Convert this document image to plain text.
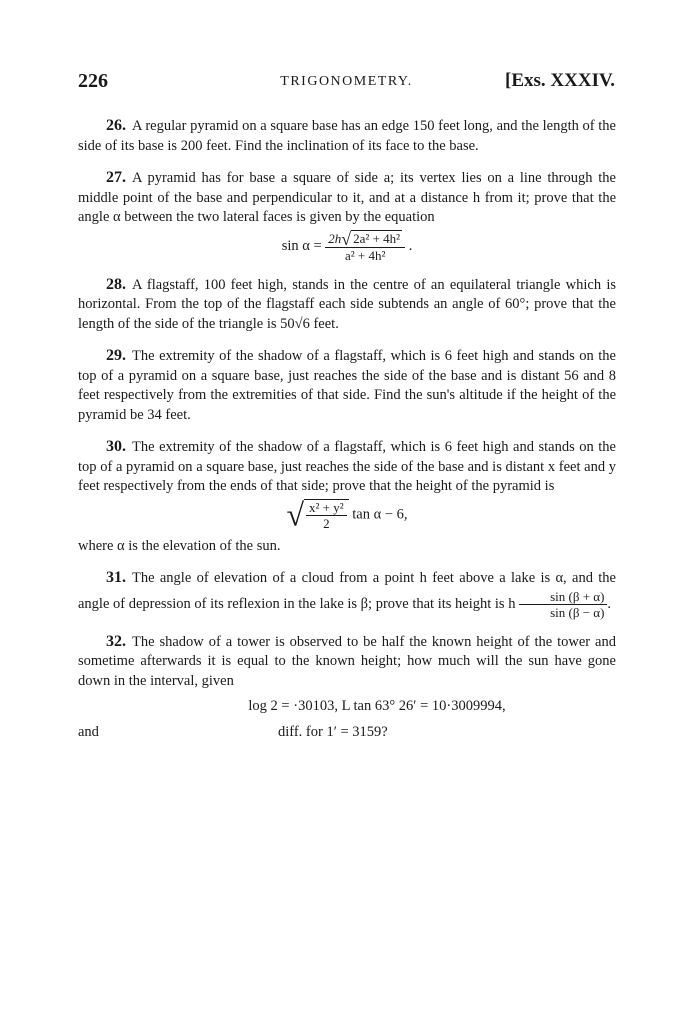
226	TRIGONOMETRY.	[Exs. XXXIV.

26. A regular pyramid on a square base has an edge 150 feet long, and the length of the side of its base is 200 feet. Find the inclination of its face to the base.

27. A pyramid has for base a square of side a; its vertex lies on a line through the middle point of the base and perpendicular to it, and at a distance h from it; prove that the angle α between the two lateral faces is given by the equation

$\sin \alpha = \frac{\text{2h√ 2a² + 4h²}}{\text{a² + 4h²}}$ .

28. A flagstaff, 100 feet high, stands in the centre of an equilateral triangle which is horizontal. From the top of the flagstaff each side subtends an angle of 60°; prove that the length of the side of the triangle is 50√6 feet.

29. The extremity of the shadow of a flagstaff, which is 6 feet high and stands on the top of a pyramid on a square base, just reaches the side of the base and is distant 56 and 8 feet respectively from the extremities of that side. Find the sun's altitude if the height of the pyramid be 34 feet.

30. The extremity of the shadow of a flagstaff, which is 6 feet high and stands on the top of a pyramid on a square base, just reaches the side of the base and is distant x feet and y feet respectively from the ends of that side; prove that the height of the pyramid is

√ $\frac{\text{x² + y²}}{2}$ tan α − 6,

where α is the elevation of the sun.

31. The angle of elevation of a cloud from a point h feet above a lake is α, and the angle of depression of its reflexion in the lake is β; prove that its height is h $\frac{\sin (\beta + \alpha)}{\sin (\beta - \alpha)}$ .

32. The shadow of a tower is observed to be half the known height of the tower and sometime afterwards it is equal to the known height; how much will the sun have gone down in the interval, given

log 2 = ·30103, L tan 63° 26′ = 10·3009994,
and	diff. for 1′ = 3159?
